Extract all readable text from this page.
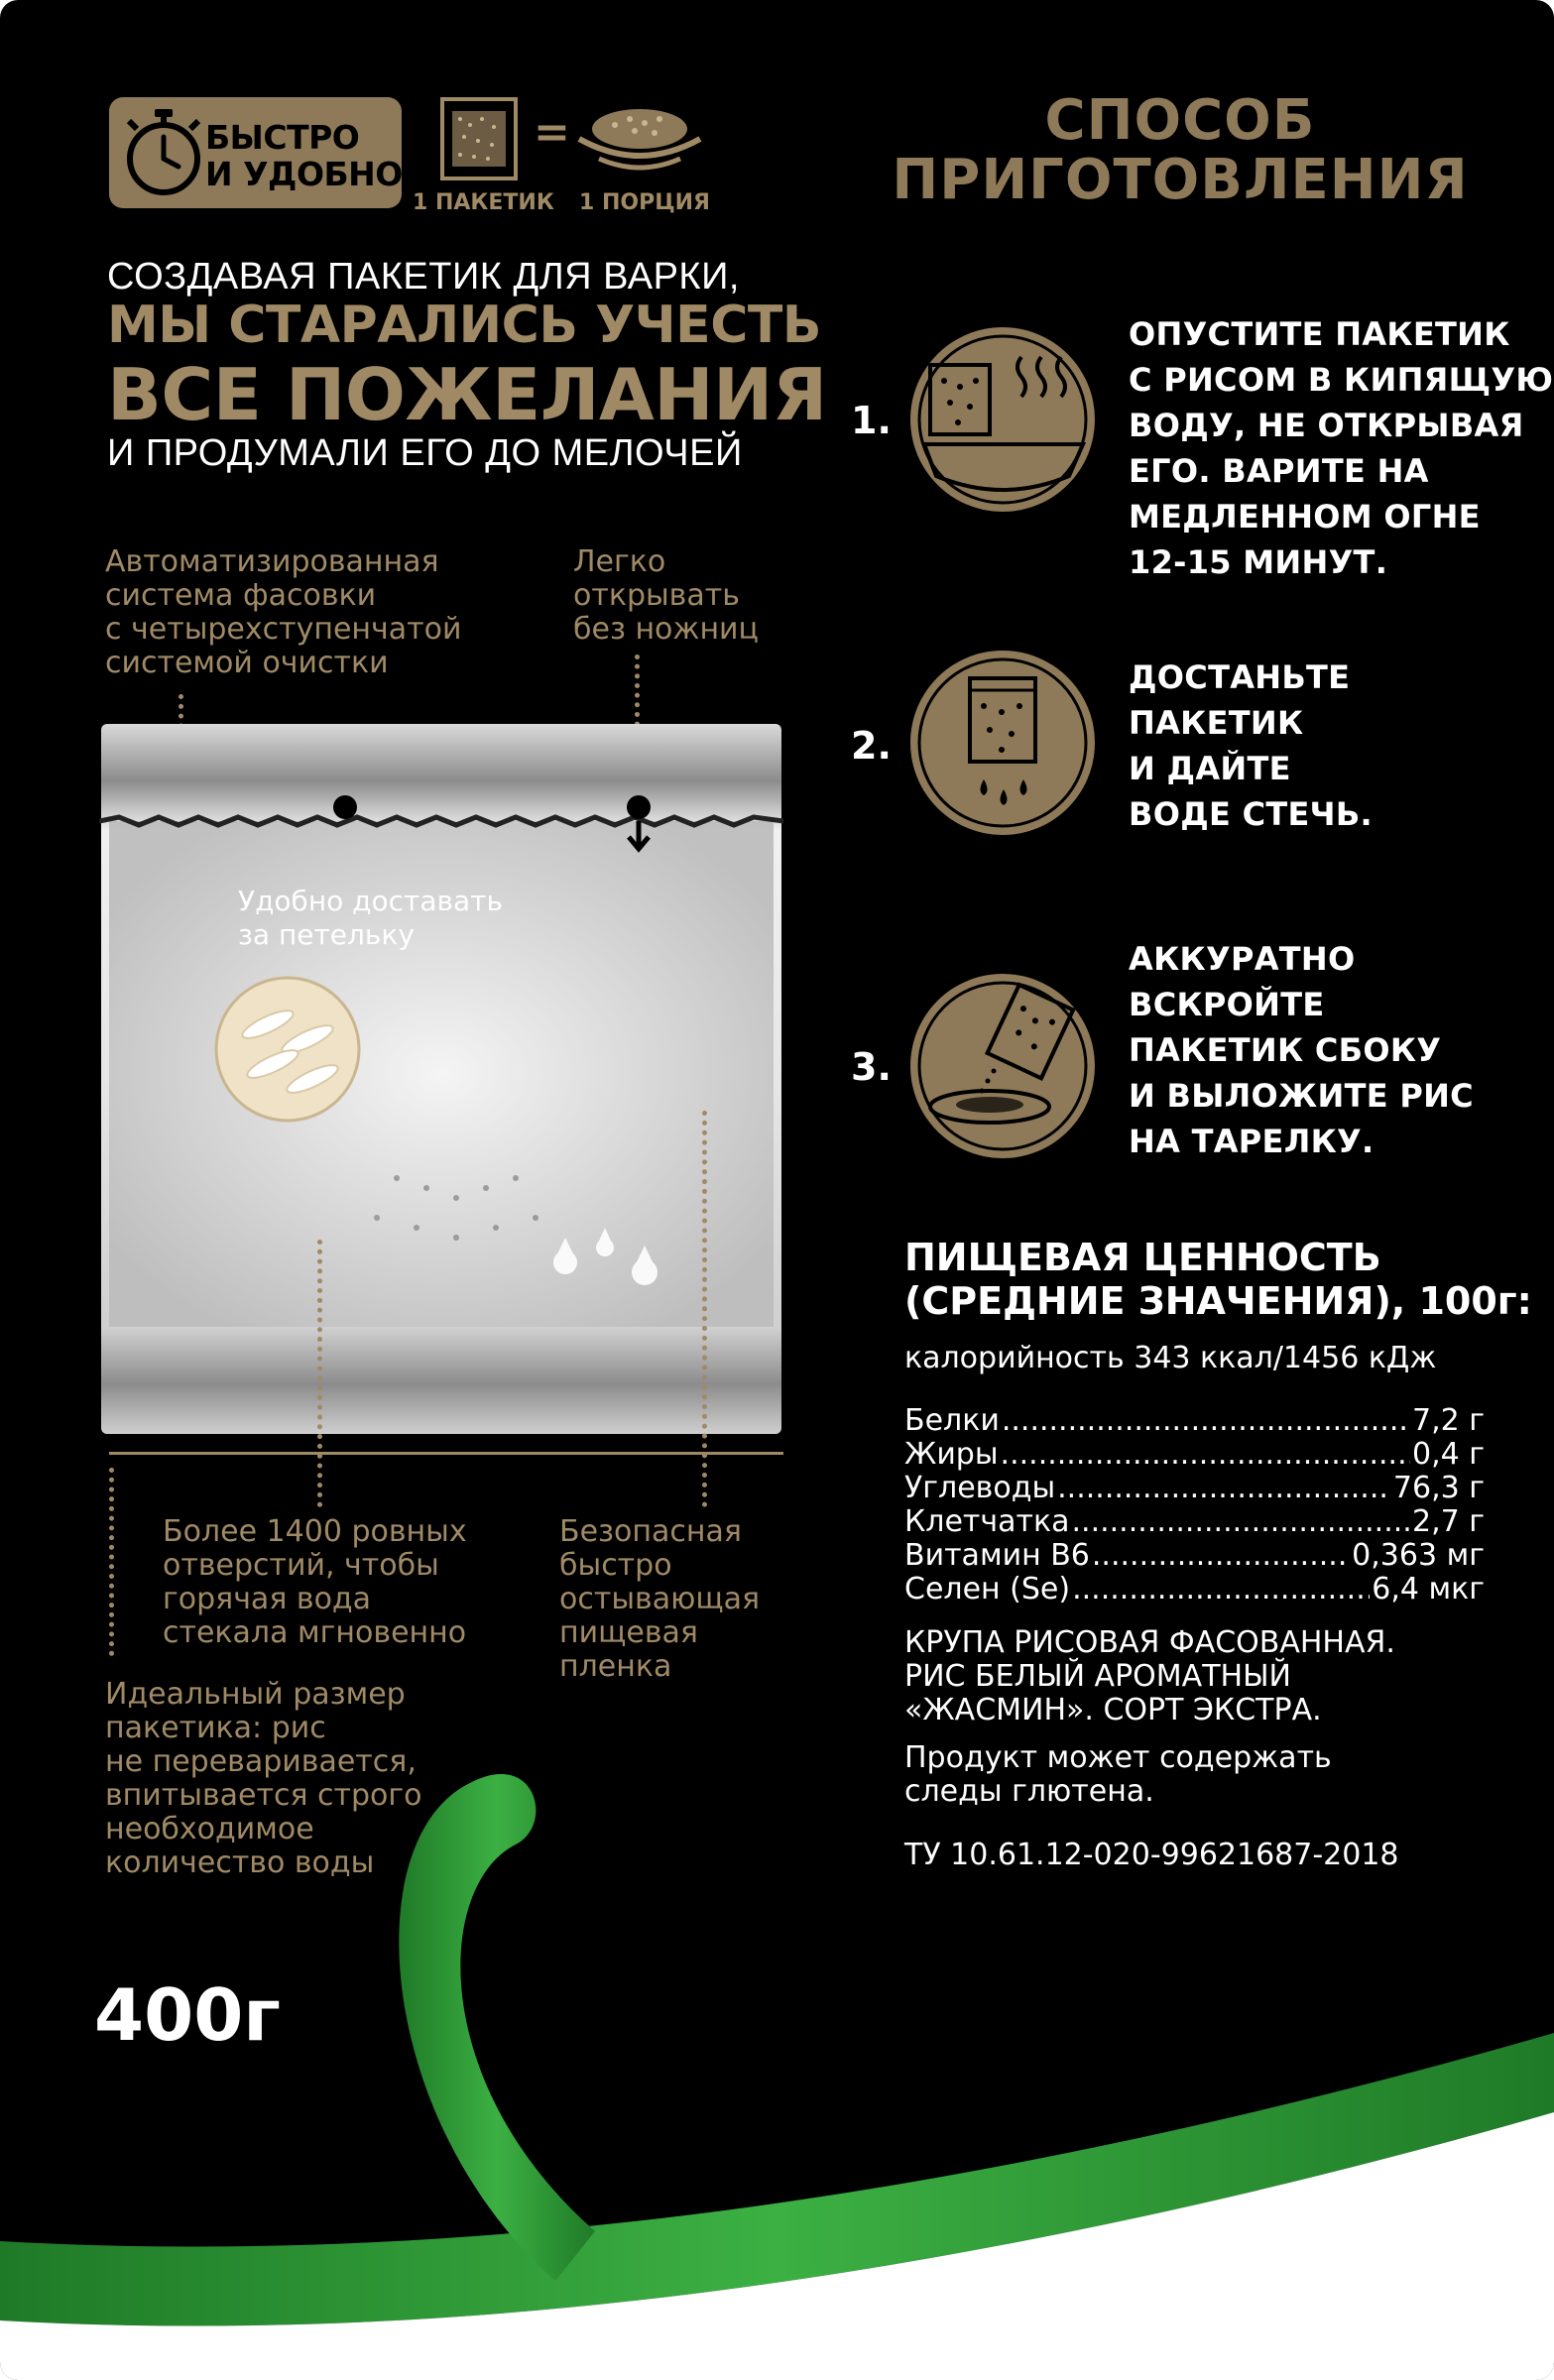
БЫСТРО
И УДОБНО
=
1 ПАКЕТИК 1 ПОРЦИЯ
СОЗДАВАЯ ПАКЕТИК ДЛЯ ВАРКИ,
МЫ СТАРАЛИСЬ УЧЕСТЬ
ВСЕ ПОЖЕЛАНИЯ
И ПРОДУМАЛИ ЕГО ДО МЕЛОЧЕЙ
Автоматизированная
система фасовки
с четырехступенчатой
системой очистки
Легко
открывать
без ножниц
Удобно доставать
за петельку
Более 1400 ровных
отверстий, чтобы
горячая вода
стекала мгновенно
Безопасная
быстро
остывающая
пищевая
пленка
Идеальный размер
пакетика: рис
не переваривается,
впитывается строго
необходимое
количество воды
СПОСОБ
ПРИГОТОВЛЕНИЯ
1.
ОПУСТИТЕ ПАКЕТИК
С РИСОМ В КИПЯЩУЮ
ВОДУ, НЕ ОТКРЫВАЯ
ЕГО. ВАРИТЕ НА
МЕДЛЕННОМ ОГНЕ
12-15 МИНУТ.
2.
ДОСТАНЬТЕ
ПАКЕТИК
И ДАЙТЕ
ВОДЕ СТЕЧЬ.
3.
АККУРАТНО
ВСКРОЙТЕ
ПАКЕТИК СБОКУ
И ВЫЛОЖИТЕ РИС
НА ТАРЕЛКУ.
ПИЩЕВАЯ ЦЕННОСТЬ
(СРЕДНИЕ ЗНАЧЕНИЯ), 100г:
калорийность 343 ккал/1456 кДж
Белки .....	7,2 г
Жиры .....	0,4 г
Углеводы .....	76,3 г
Клетчатка .....	2,7 г
Витамин B6 .....	0,363 мг
Селен (Se) .....	6,4 мкг
КРУПА РИСОВАЯ ФАСОВАННАЯ.
РИС БЕЛЫЙ АРОМАТНЫЙ
«ЖАСМИН». СОРТ ЭКСТРА.
Продукт может содержать
следы глютена.
ТУ 10.61.12-020-99621687-2018
400г
